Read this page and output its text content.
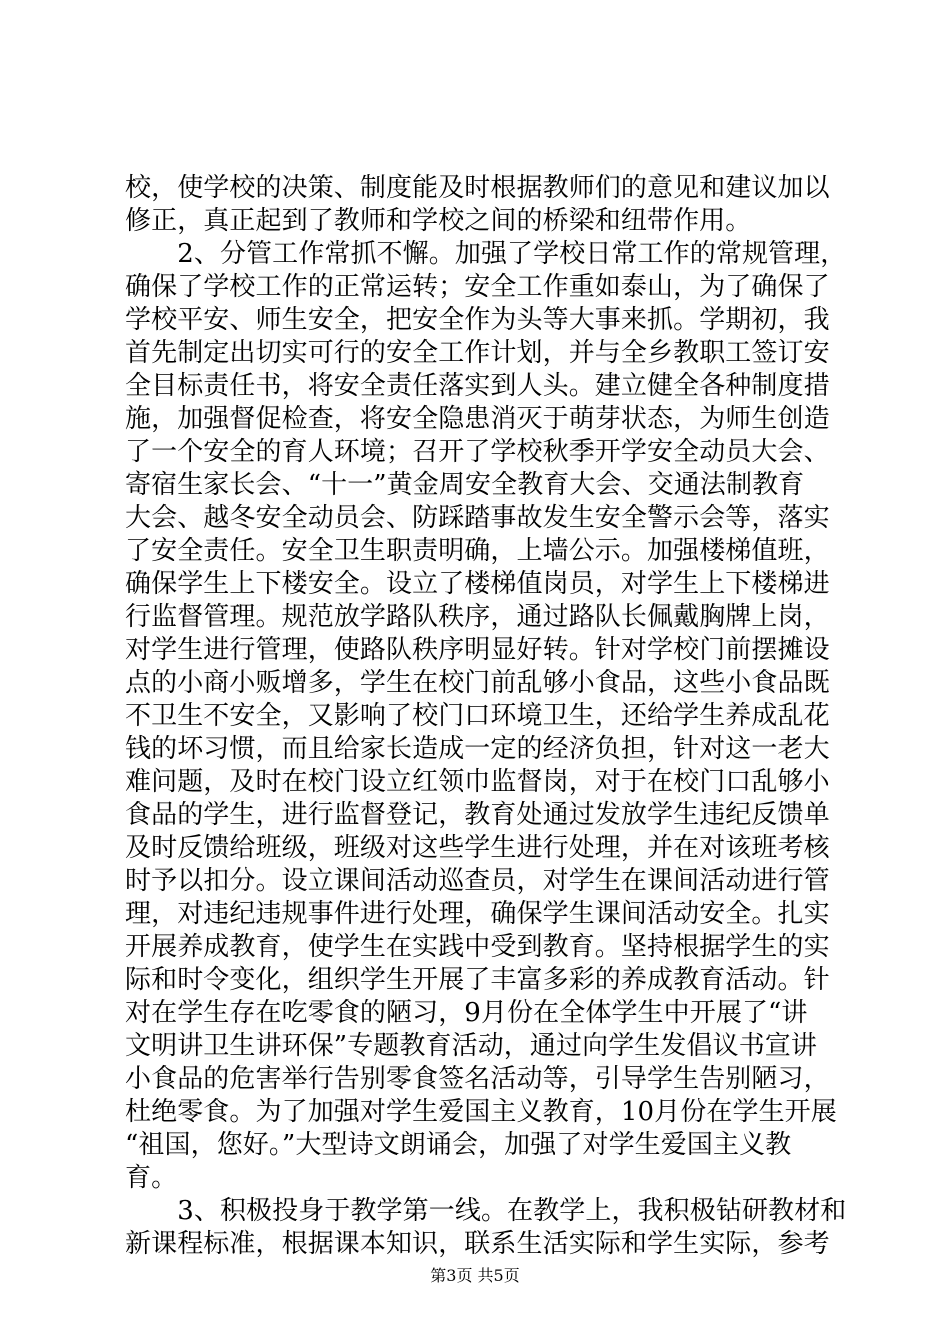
校，使学校的决策、制度能及时根据教师们的意见和建议加以
修正，真正起到了教师和学校之间的桥梁和纽带作用。
　　2、分管工作常抓不懈。加强了学校日常工作的常规管理，
确保了学校工作的正常运转；安全工作重如泰山，为了确保了
学校平安、师生安全，把安全作为头等大事来抓。学期初，我
首先制定出切实可行的安全工作计划，并与全乡教职工签订安
全目标责任书，将安全责任落实到人头。建立健全各种制度措
施，加强督促检查，将安全隐患消灭于萌芽状态，为师生创造
了一个安全的育人环境；召开了学校秋季开学安全动员大会、
寄宿生家长会、“十一”黄金周安全教育大会、交通法制教育
大会、越冬安全动员会、防踩踏事故发生安全警示会等，落实
了安全责任。安全卫生职责明确，上墙公示。加强楼梯值班，
确保学生上下楼安全。设立了楼梯值岗员，对学生上下楼梯进
行监督管理。规范放学路队秩序，通过路队长佩戴胸牌上岗，
对学生进行管理，使路队秩序明显好转。针对学校门前摆摊设
点的小商小贩增多，学生在校门前乱够小食品，这些小食品既
不卫生不安全，又影响了校门口环境卫生，还给学生养成乱花
钱的坏习惯，而且给家长造成一定的经济负担，针对这一老大
难问题，及时在校门设立红领巾监督岗，对于在校门口乱够小
食品的学生，进行监督登记，教育处通过发放学生违纪反馈单
及时反馈给班级，班级对这些学生进行处理，并在对该班考核
时予以扣分。设立课间活动巡查员，对学生在课间活动进行管
理，对违纪违规事件进行处理，确保学生课间活动安全。扎实
开展养成教育，使学生在实践中受到教育。坚持根据学生的实
际和时令变化，组织学生开展了丰富多彩的养成教育活动。针
对在学生存在吃零食的陋习，9月份在全体学生中开展了“讲
文明讲卫生讲环保”专题教育活动，通过向学生发倡议书宣讲
小食品的危害举行告别零食签名活动等，引导学生告别陋习，
杜绝零食。为了加强对学生爱国主义教育，10月份在学生开展
“祖国，您好。”大型诗文朗诵会，加强了对学生爱国主义教
育。
　　3、积极投身于教学第一线。在教学上，我积极钻研教材和
新课程标准，根据课本知识，联系生活实际和学生实际，参考
第3页 共5页
